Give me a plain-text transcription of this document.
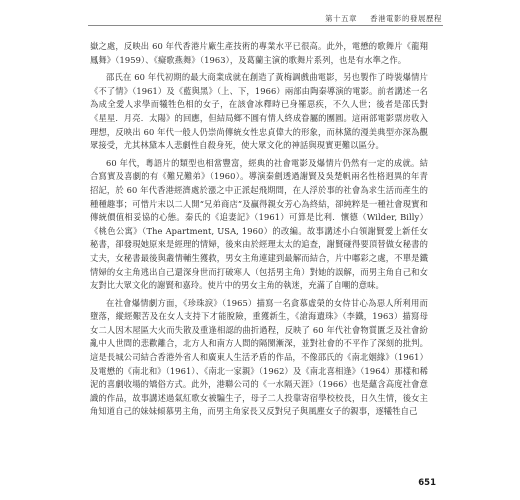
第十五章 香港電影的發展歷程

嶽之處，反映出 60 年代香港片廠生產技術的專業水平已很高。此外，電懋的歌舞片《龍翔鳳舞》（1959）、《癡歌燕舞》（1963），及葛蘭主演的歌舞片系列，也是有水準之作。

邵氏在 60 年代初期的最大商業成就在創造了黃梅調戲曲電影，另也製作了時裝爆情片《不了情》（1961）及《藍與黑》（上、下，1966）兩部由陶秦導演的電影。前者講述一名為成全愛人求學而犧牲色相的女子，在該會冰釋時已身罹惡疾，不久人世；後者是邵氏對《星星．月亮．太陽》的回應，但結局鄉不圓有情人終成眷屬的團圓。這兩部電影票房收入理想，反映出 60 年代一般人仍崇尚傳統女性忠貞偉大的形象，而林黛的漫美典型亦深為觀眾接受，尤其林黛本人悲劇性自殺身死，使大眾文化的神話與現實更難以區分。

60 年代，粵語片的類型也相當豐富，經典的社會電影及爆情片仍然有一定的成就。結合寫實及喜劇的有《難兄難弟》（1960）。導演秦劍透過謝賢及吳楚帆兩名性格迥異的年青招記，於 60 年代香港經濟處於漲之中正派起飛期間，在人浮於事的社會為求生活而產生的種種趣事；可惜片末以二人開“兄弟商店”及贏得親女芳心為終結，卻純粹是一種社會現實和傳統價值相妥協的心態。秦氏的《追妻記》（1961）可算是比利．懷德（Wilder, Billy）《桃色公寓》（The Apartment, USA, 1960）的改編。故事講述小白領謝賢愛上新任女秘書，卻發現她原來是經理的情婦，後來由於經理太太的追查，謝賢碰得要頂替做女秘書的丈夫，女秘書最後與叢情輔生獲救，男女主角連建到最解而結合，片中嘟彩之處，不單是鐵情婦的女主角逃出自己還深身世而打破寒人（包括男主角）對她的誤解，而男主角自己和女友對比大眾文化的謝賢和嘉玲。使片中的男女主角的執迷，充滿了自嘲的意味。

在社會爆情劇方面，《珍珠淚》（1965）描寫一名貪慕虛榮的女侍甘心為惡人所利用而墮落，縱經艱苦及在女人支持下才能脫險，重獲新生，《滄海遺珠》（李鐵，1963）描寫母女二人因木屋區大火而失散及重逢相認的曲折過程，反映了 60 年代社會物質匱乏及社會紛亂中人世間的悲歡離合，北方人和南方人間的隔閡漸深，並對社會的不平作了深刻的批判。這是長城公司結合香港外省人和廣東人生活矛盾的作品，不像邵氏的《南北姻緣》（1961）及電懋的《南北和》（1961）、《南北一家親》（1962）及《南北喜相逢》（1964）那樣和稀泥的喜劇收場的矯俗方式。此外，港聯公司的《一水隔天涯》（1966）也是蘊含高度社會意識的作品，故事講述過氣紅歌女被騙生子，母子二人投靠寄宿學校校長，日久生情，後女主角知道自己的妹妹傾慕男主角，而男主角家長又反對兒子與風塵女子的親事，逐犧牲自己

651
